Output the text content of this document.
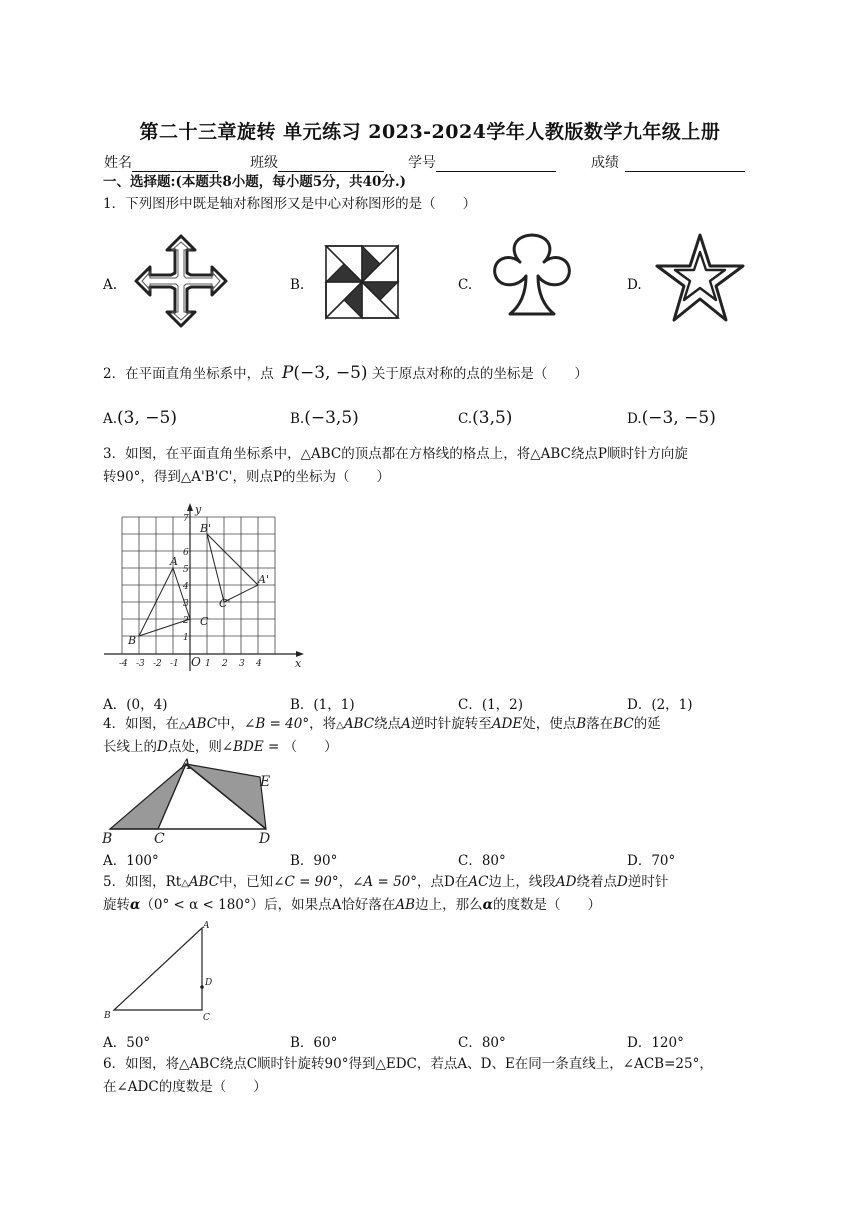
第二十三章旋转 单元练习 2023-2024学年人教版数学九年级上册
姓名	班级	学号	成绩
一、选择题:(本题共8小题，每小题5分，共40分.)
1．下列图形中既是轴对称图形又是中心对称图形的是（　　）
A.	B.	C.	D.
2．在平面直角坐标系中，点 P(−3, −5) 关于原点对称的点的坐标是（　　）
A.(3, −5)	B.(−3,5)	C.(3,5)	D.(−3, −5)
3．如图，在平面直角坐标系中，△ABC的顶点都在方格线的格点上，将△ABC绕点P顺时针方向旋
转90°，得到△A'B'C'，则点P的坐标为（　　）
-4 -3 -2 -1	1 2 3 4
1
2
3
4
5
6
7
x
y
O
A
B
C
A'
B'
C'
A．(0，4)	B．(1，1)	C．(1，2)	D．(2，1)
4．如图，在△ABC中，∠B = 40°，将△ABC绕点A逆时针旋转至ADE处，使点B落在BC的延
长线上的D点处，则∠BDE = （　　）
A
B	C	D
E
A．100°	B．90°	C．80°	D．70°
5．如图，Rt△ABC中，已知∠C = 90°，∠A = 50°，点D在AC边上，线段AD绕着点D逆时针
旋转α（0° < α < 180°）后，如果点A恰好落在AB边上，那么α的度数是（　　）
A
B	C
D
A．50°	B．60°	C．80°	D．120°
6．如图，将△ABC绕点C顺时针旋转90°得到△EDC，若点A、D、E在同一条直线上，∠ACB=25°，
在∠ADC的度数是（　　）
